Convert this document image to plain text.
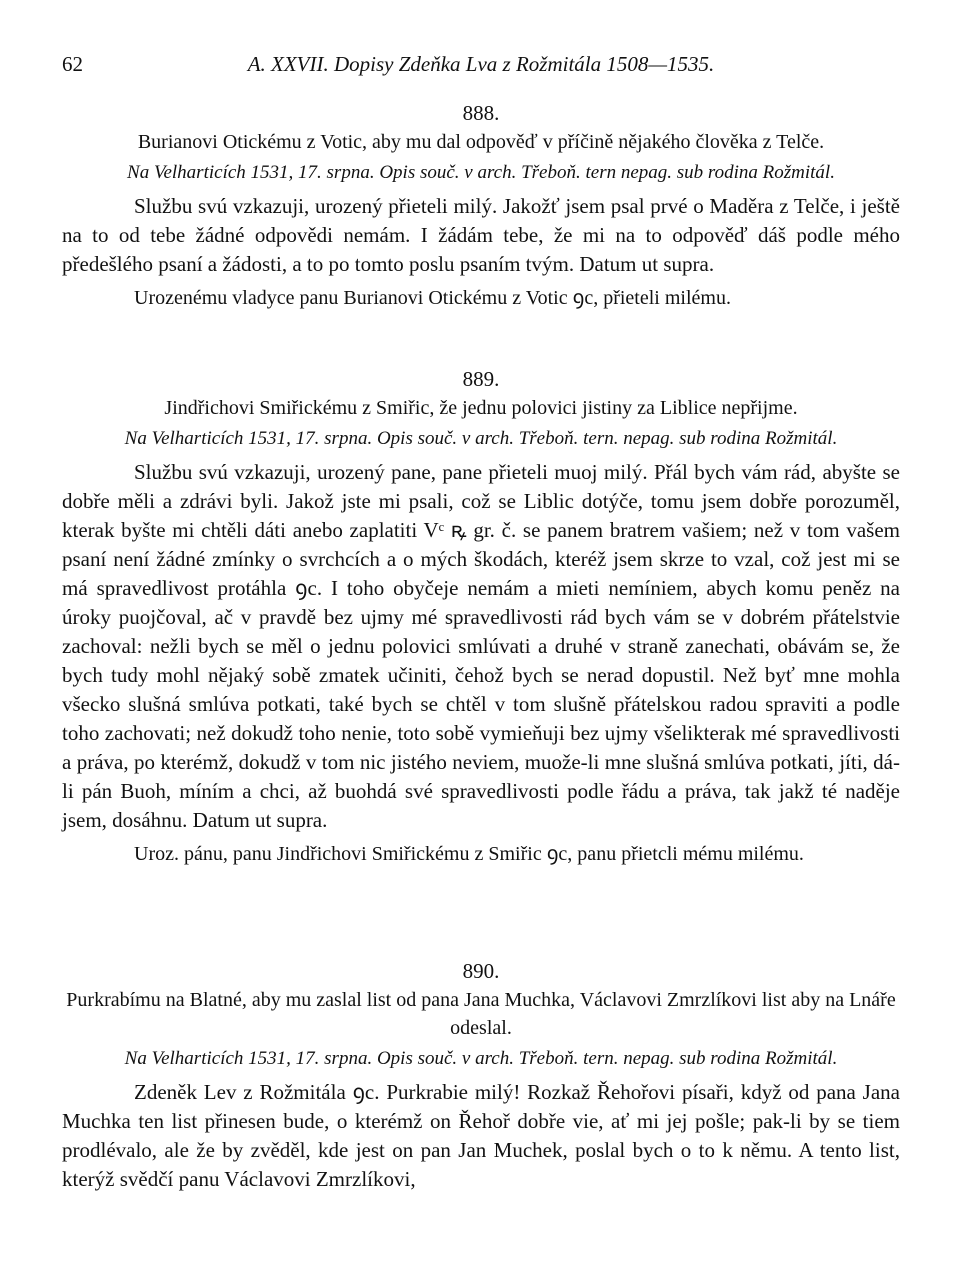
62	A. XXVII. Dopisy Zdeňka Lva z Rožmitála 1508—1535.
888.
Burianovi Otickému z Votic, aby mu dal odpověď v příčině nějakého člověka z Telče.
Na Velharticích 1531, 17. srpna. Opis souč. v arch. Třeboň. tern nepag. sub rodina Rožmitál.
Službu svú vzkazuji, urozený přieteli milý. Jakožť jsem psal prvé o Maděra z Telče, i ještě na to od tebe žádné odpovědi nemám. I žádám tebe, že mi na to odpověď dáš podle mého předešlého psaní a žádosti, a to po tomto poslu psaním tvým. Datum ut supra.
Urozenému vladyce panu Burianovi Otickému z Votic ꝯc, přieteli milému.
889.
Jindřichovi Smiřickému z Smiřic, že jednu polovici jistiny za Liblice nepřijme.
Na Velharticích 1531, 17. srpna. Opis souč. v arch. Třeboň. tern. nepag. sub rodina Rožmitál.
Službu svú vzkazuji, urozený pane, pane přieteli muoj milý. Přál bych vám rád, abyšte se dobře měli a zdrávi byli. Jakož jste mi psali, což se Liblic dotýče, tomu jsem dobře porozuměl, kterak byšte mi chtěli dáti anebo zaplatiti Vᶜ ꝶ gr. č. se panem bratrem vašiem; než v tom vašem psaní není žádné zmínky o svrchcích a o mých škodách, kteréž jsem skrze to vzal, což jest mi se má spravedlivost protáhla ꝯc. I toho obyčeje nemám a mieti nemíniem, abych komu peněz na úroky puojčoval, ač v pravdě bez ujmy mé spravedlivosti rád bych vám se v dobrém přátelstvie zachoval: nežli bych se měl o jednu polovici smlúvati a druhé v straně zanechati, obávám se, že bych tudy mohl nějaký sobě zmatek učiniti, čehož bych se nerad dopustil. Než byť mne mohla všecko slušná smlúva potkati, také bych se chtěl v tom slušně přátelskou radou spraviti a podle toho zachovati; než dokudž toho nenie, toto sobě vymieňuji bez ujmy všelikterak mé spravedlivosti a práva, po kterémž, dokudž v tom nic jistého neviem, muože-li mne slušná smlúva potkati, jíti, dá-li pán Buoh, míním a chci, až buohdá své spravedlivosti podle řádu a práva, tak jakž té naděje jsem, dosáhnu. Datum ut supra.
Uroz. pánu, panu Jindřichovi Smiřickému z Smiřic ꝯc, panu přietcli mému milému.
890.
Purkrabímu na Blatné, aby mu zaslal list od pana Jana Muchka, Václavovi Zmrzlíkovi list aby na Lnáře odeslal.
Na Velharticích 1531, 17. srpna. Opis souč. v arch. Třeboň. tern. nepag. sub rodina Rožmitál.
Zdeněk Lev z Rožmitála ꝯc. Purkrabie milý! Rozkaž Řehořovi písaři, když od pana Jana Muchka ten list přinesen bude, o kterémž on Řehoř dobře vie, ať mi jej pošle; pak-li by se tiem prodlévalo, ale že by zvěděl, kde jest on pan Jan Muchek, poslal bych o to k němu. A tento list, kterýž svědčí panu Václavovi Zmrzlíkovi,
